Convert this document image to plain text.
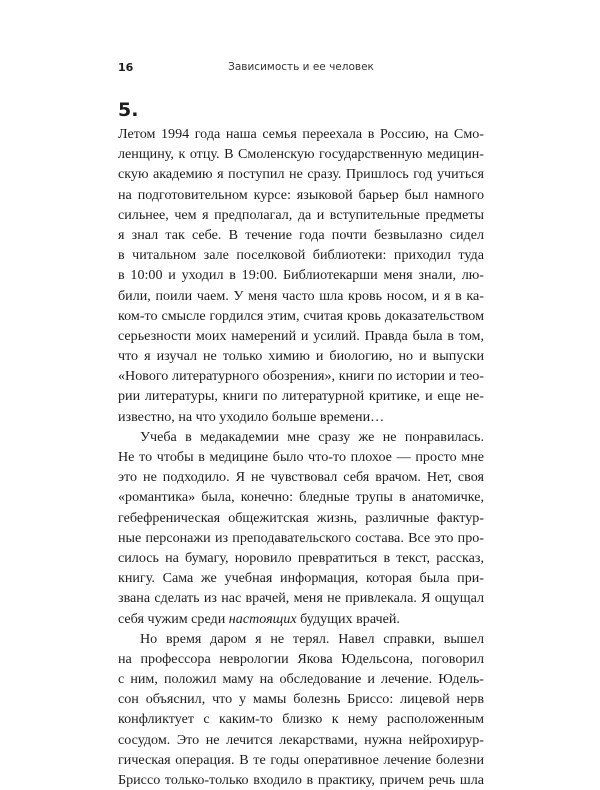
16	Зависимость и ее человек
5.
Летом 1994 года наша семья переехала в Россию, на Смо-
ленщину, к отцу. В Смоленскую государственную медицин-
скую академию я поступил не сразу. Пришлось год учиться
на подготовительном курсе: языковой барьер был намного
сильнее, чем я предполагал, да и вступительные предметы
я знал так себе. В течение года почти безвылазно сидел
в читальном зале поселковой библиотеки: приходил туда
в 10:00 и уходил в 19:00. Библиотекарши меня знали, лю-
били, поили чаем. У меня часто шла кровь носом, и я в ка-
ком-то смысле гордился этим, считая кровь доказательством
серьезности моих намерений и усилий. Правда была в том,
что я изучал не только химию и биологию, но и выпуски
«Нового литературного обозрения», книги по истории и тео-
рии литературы, книги по литературной критике, и еще не-
известно, на что уходило больше времени…
Учеба в медакадемии мне сразу же не понравилась.
Не то чтобы в медицине было что-то плохое — просто мне
это не подходило. Я не чувствовал себя врачом. Нет, своя
«романтика» была, конечно: бледные трупы в анатомичке,
гебефреническая общежитская жизнь, различные фактур-
ные персонажи из преподавательского состава. Все это про-
силось на бумагу, норовило превратиться в текст, рассказ,
книгу. Сама же учебная информация, которая была при-
звана сделать из нас врачей, меня не привлекала. Я ощущал
себя чужим среди настоящих будущих врачей.
Но время даром я не терял. Навел справки, вышел
на профессора неврологии Якова Юдельсона, поговорил
с ним, положил маму на обследование и лечение. Юдель-
сон объяснил, что у мамы болезнь Бриссо: лицевой нерв
конфликтует с каким-то близко к нему расположенным
сосудом. Это не лечится лекарствами, нужна нейрохирур-
гическая операция. В те годы оперативное лечение болезни
Бриссо только-только входило в практику, причем речь шла
